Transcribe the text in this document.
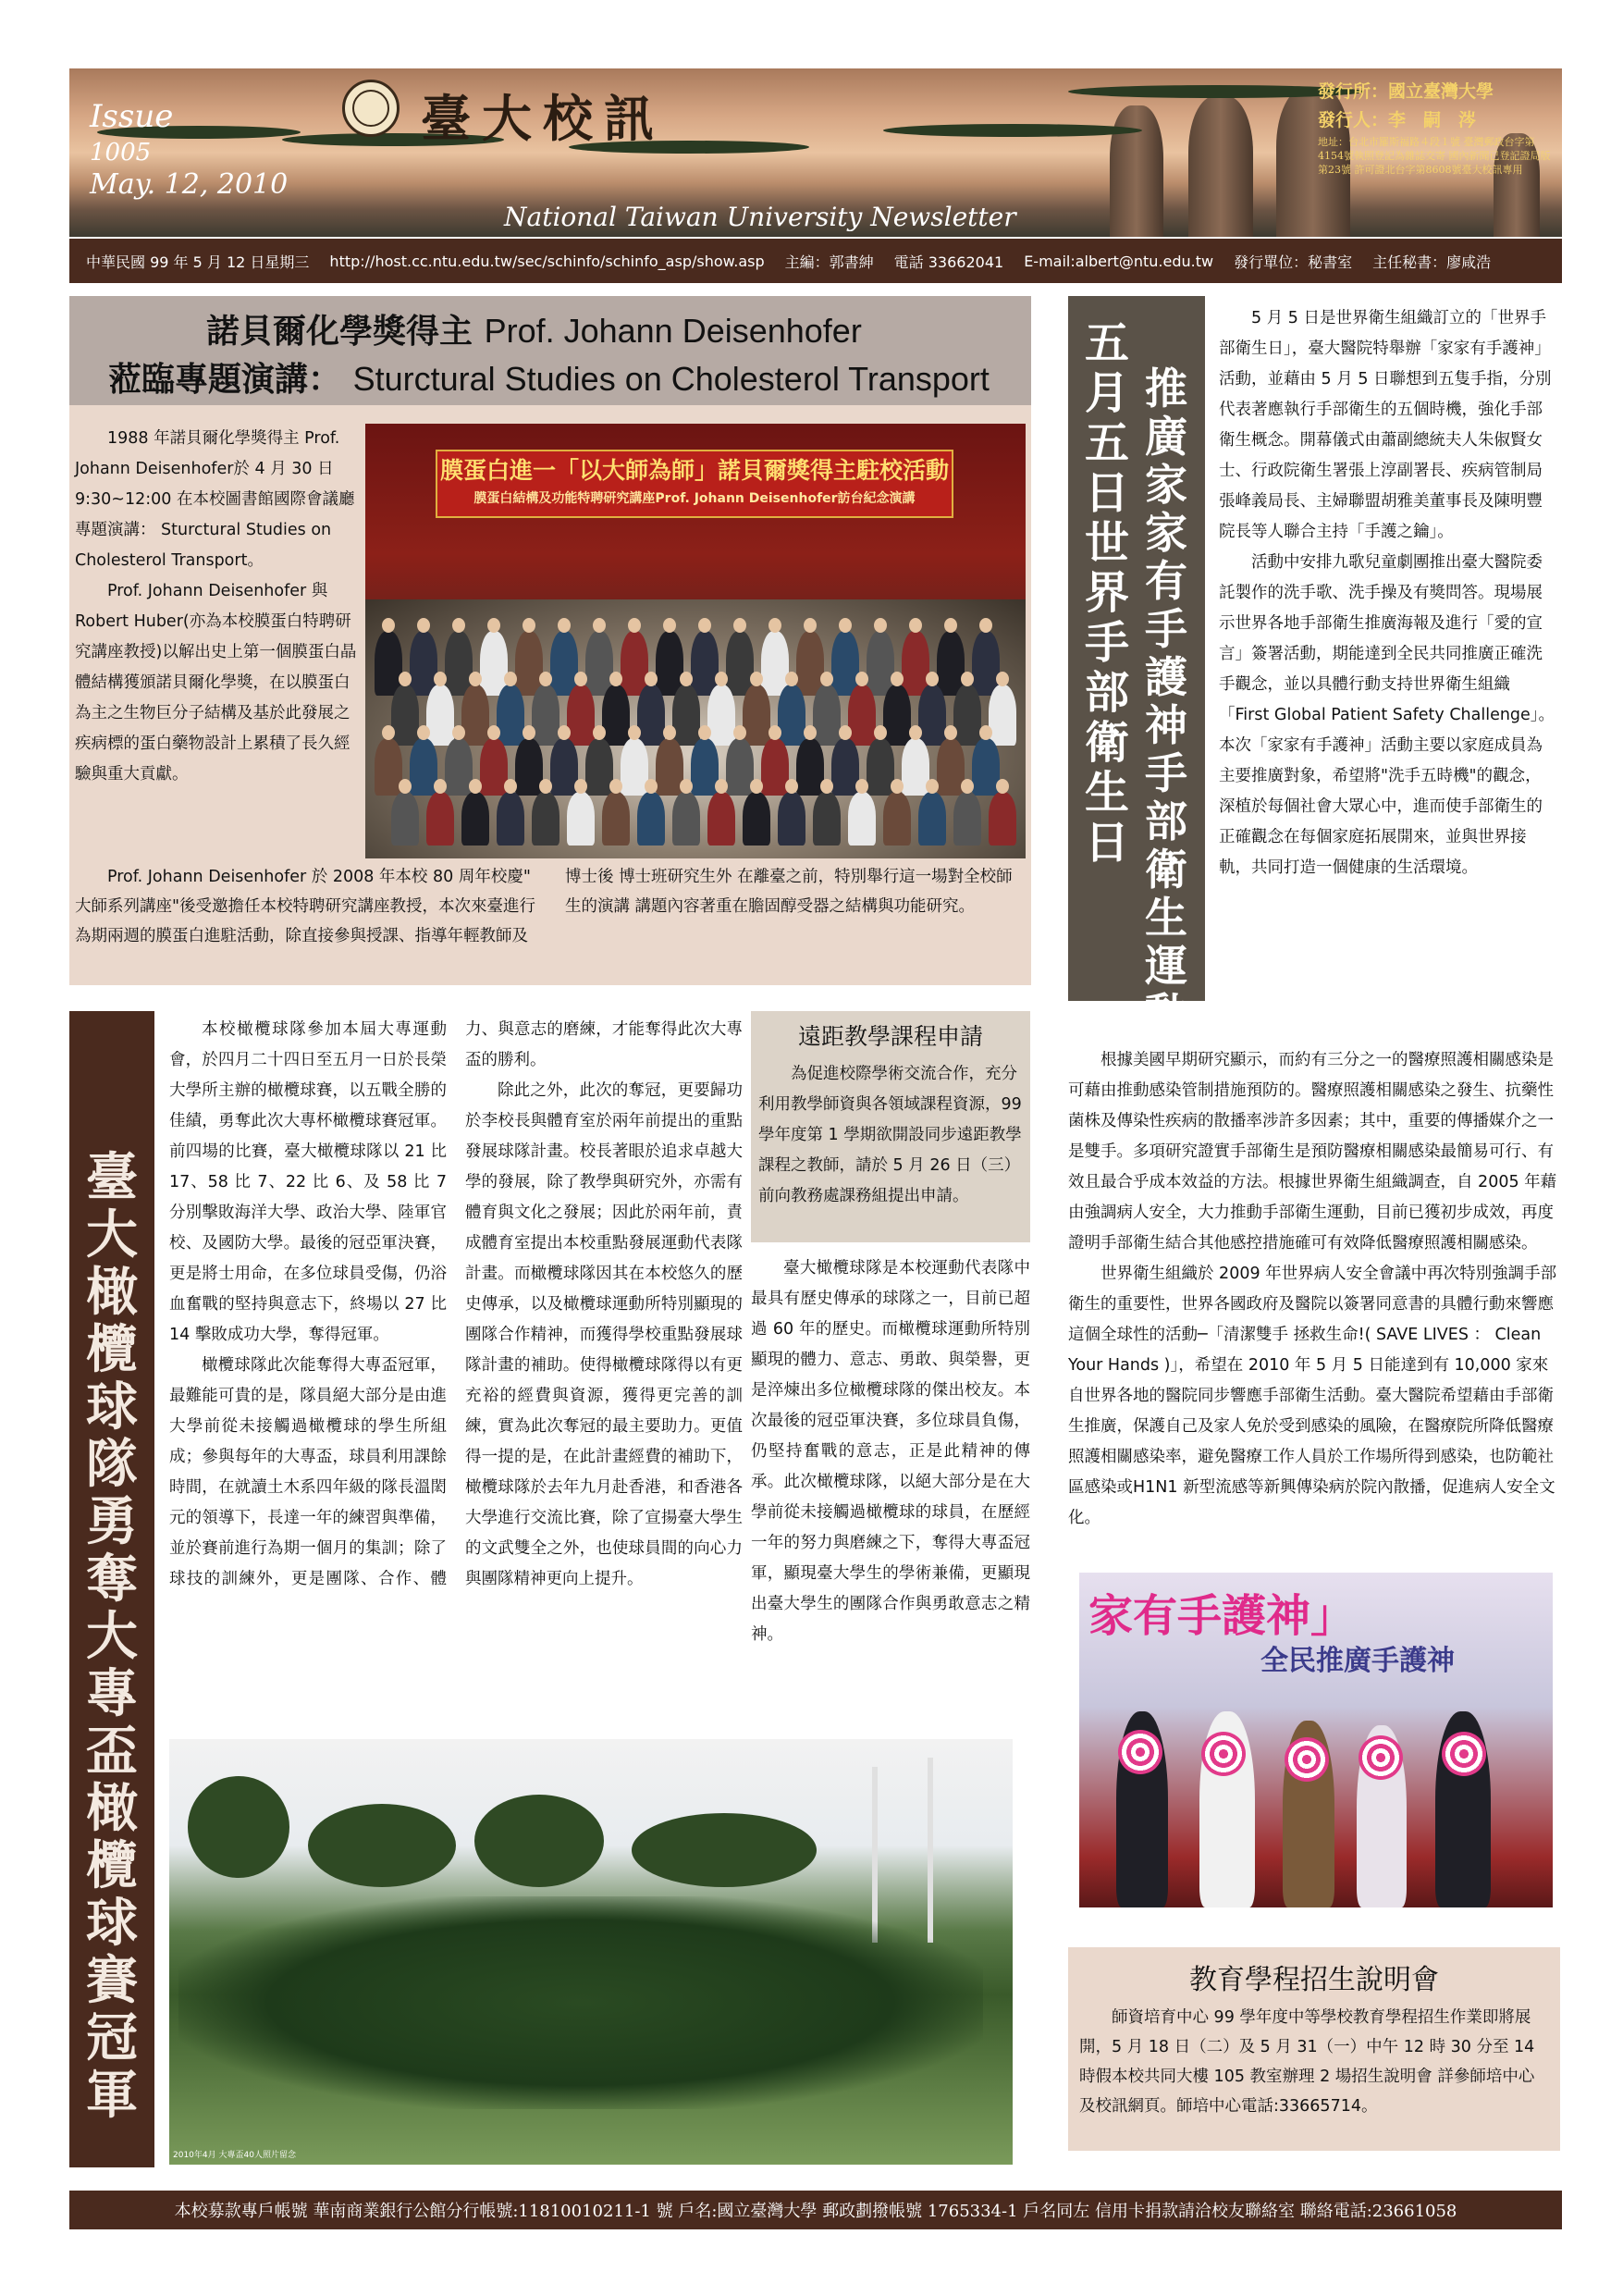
Issue
1005
May. 12, 2010
臺大校訊
National Taiwan University Newsletter
發行所：國立臺灣大學
發行人：李　嗣　涔
地址：台北市羅斯福路４段１號 臺灣郵政台字第4154號執照登記為雜誌交寄 國內新聞已登記證局版第23號 許可證北台字第8608號臺大校訊專用
中華民國 99 年 5 月 12 日星期三 http://host.cc.ntu.edu.tw/sec/schinfo/schinfo_asp/show.asp 主編：郭書紳 電話 33662041 E-mail:albert@ntu.edu.tw 發行單位：秘書室 主任秘書：廖咸浩
諾貝爾化學獎得主 Prof. Johann Deisenhofer
蒞臨專題演講： Sturctural Studies on Cholesterol Transport

1988 年諾貝爾化學獎得主 Prof. Johann Deisenhofer於 4 月 30 日 9:30~12:00 在本校圖書館國際會議廳專題演講： Sturctural Studies on Cholesterol Transport。

Prof. Johann Deisenhofer 與 Robert Huber(亦為本校膜蛋白特聘研究講座教授)以解出史上第一個膜蛋白晶體結構獲頒諾貝爾化學獎，在以膜蛋白為主之生物巨分子結構及基於此發展之疾病標的蛋白藥物設計上累積了長久經驗與重大貢獻。

膜蛋白進一「以大師為師」諾貝爾獎得主駐校活動
膜蛋白結構及功能特聘研究講座Prof. Johann Deisenhofer訪台紀念演講

Prof. Johann Deisenhofer 於 2008 年本校 80 周年校慶" 大師系列講座"後受邀擔任本校特聘研究講座教授，本次來臺進行為期兩週的膜蛋白進駐活動，除直接參與授課、指導年輕教師及博士後 博士班研究生外 在離臺之前，特別舉行這一場對全校師生的演講 講題內容著重在膽固醇受器之結構與功能研究。

五月五日世界手部衛生日
推廣家家有手護神 手部衛生運動

5 月 5 日是世界衛生組織訂立的「世界手部衛生日」，臺大醫院特舉辦「家家有手護神」活動，並藉由 5 月 5 日聯想到五隻手指，分別代表著應執行手部衛生的五個時機，強化手部衛生概念。開幕儀式由蕭副總統夫人朱俶賢女士、行政院衛生署張上淳副署長、疾病管制局張峰義局長、主婦聯盟胡雅美董事長及陳明豐院長等人聯合主持「手護之鑰」。

活動中安排九歌兒童劇團推出臺大醫院委託製作的洗手歌、洗手操及有獎問答。現場展示世界各地手部衛生推廣海報及進行「愛的宣言」簽署活動，期能達到全民共同推廣正確洗手觀念，並以具體行動支持世界衛生組織「First Global Patient Safety Challenge」。本次「家家有手護神」活動主要以家庭成員為主要推廣對象，希望將"洗手五時機"的觀念，深植於每個社會大眾心中，進而使手部衛生的正確觀念在每個家庭拓展開來，並與世界接軌，共同打造一個健康的生活環境。

根據美國早期研究顯示，而約有三分之一的醫療照護相關感染是可藉由推動感染管制措施預防的。醫療照護相關感染之發生、抗藥性菌株及傳染性疾病的散播率涉許多因素；其中，重要的傳播媒介之一是雙手。多項研究證實手部衛生是預防醫療相關感染最簡易可行、有效且最合乎成本效益的方法。根據世界衛生組織調查，自 2005 年藉由強調病人安全，大力推動手部衛生運動，目前已獲初步成效，再度證明手部衛生結合其他感控措施確可有效降低醫療照護相關感染。

世界衛生組織於 2009 年世界病人安全會議中再次特別強調手部衛生的重要性，世界各國政府及醫院以簽署同意書的具體行動來響應這個全球性的活動─「清潔雙手 拯救生命!( SAVE LIVES ： Clean Your Hands )」，希望在 2010 年 5 月 5 日能達到有 10,000 家來自世界各地的醫院同步響應手部衛生活動。臺大醫院希望藉由手部衛生推廣，保護自己及家人免於受到感染的風險，在醫療院所降低醫療照護相關感染率，避免醫療工作人員於工作場所得到感染，也防範社區感染或H1N1 新型流感等新興傳染病於院內散播，促進病人安全文化。

家有手護神」
全民推廣手護神
教育學程招生說明會

師資培育中心 99 學年度中等學校教育學程招生作業即將展開，5 月 18 日（二）及 5 月 31（一）中午 12 時 30 分至 14 時假本校共同大樓 105 教室辦理 2 場招生說明會 詳參師培中心及校訊網頁。師培中心電話:33665714。

臺大橄欖球隊勇奪大專盃橄欖球賽冠軍

本校橄欖球隊參加本屆大專運動會，於四月二十四日至五月一日於長榮大學所主辦的橄欖球賽，以五戰全勝的佳績，勇奪此次大專杯橄欖球賽冠軍。前四場的比賽，臺大橄欖球隊以 21 比 17、58 比 7、22 比 6、及 58 比 7 分別擊敗海洋大學、政治大學、陸軍官校、及國防大學。最後的冠亞軍決賽，更是將士用命，在多位球員受傷，仍浴血奮戰的堅持與意志下，終場以 27 比 14 擊敗成功大學，奪得冠軍。

橄欖球隊此次能奪得大專盃冠軍，最難能可貴的是，隊員絕大部分是由進大學前從未接觸過橄欖球的學生所組成；參與每年的大專盃，球員利用課餘時間，在就讀土木系四年級的隊長溫閎元的領導下，長達一年的練習與準備，並於賽前進行為期一個月的集訓；除了球技的訓練外，更是團隊、合作、體力、與意志的磨練，才能奪得此次大專盃的勝利。

除此之外，此次的奪冠，更要歸功於李校長與體育室於兩年前提出的重點發展球隊計畫。校長著眼於追求卓越大學的發展，除了教學與研究外，亦需有體育與文化之發展；因此於兩年前，責成體育室提出本校重點發展運動代表隊計畫。而橄欖球隊因其在本校悠久的歷史傳承，以及橄欖球運動所特別顯現的團隊合作精神，而獲得學校重點發展球隊計畫的補助。使得橄欖球隊得以有更充裕的經費與資源，獲得更完善的訓練，實為此次奪冠的最主要助力。更值得一提的是，在此計畫經費的補助下，橄欖球隊於去年九月赴香港，和香港各大學進行交流比賽，除了宣揚臺大學生的文武雙全之外，也使球員間的向心力與團隊精神更向上提升。

臺大橄欖球隊是本校運動代表隊中最具有歷史傳承的球隊之一，目前已超過 60 年的歷史。而橄欖球運動所特別顯現的體力、意志、勇敢、與榮譽，更是淬煉出多位橄欖球隊的傑出校友。本次最後的冠亞軍決賽，多位球員負傷，仍堅持奮戰的意志，正是此精神的傳承。此次橄欖球隊，以絕大部分是在大學前從未接觸過橄欖球的球員，在歷經一年的努力與磨練之下，奪得大專盃冠軍，顯現臺大學生的學術兼備，更顯現出臺大學生的團隊合作與勇敢意志之精神。

2010年4月 大專盃40人照片留念
遠距教學課程申請

為促進校際學術交流合作，充分利用教學師資與各領域課程資源，99 學年度第 1 學期欲開設同步遠距教學課程之教師，請於 5 月 26 日（三）前向教務處課務組提出申請。

本校募款專戶帳號 華南商業銀行公館分行帳號:11810010211-1 號 戶名:國立臺灣大學 郵政劃撥帳號 1765334-1 戶名同左 信用卡捐款請洽校友聯絡室 聯絡電話:23661058
